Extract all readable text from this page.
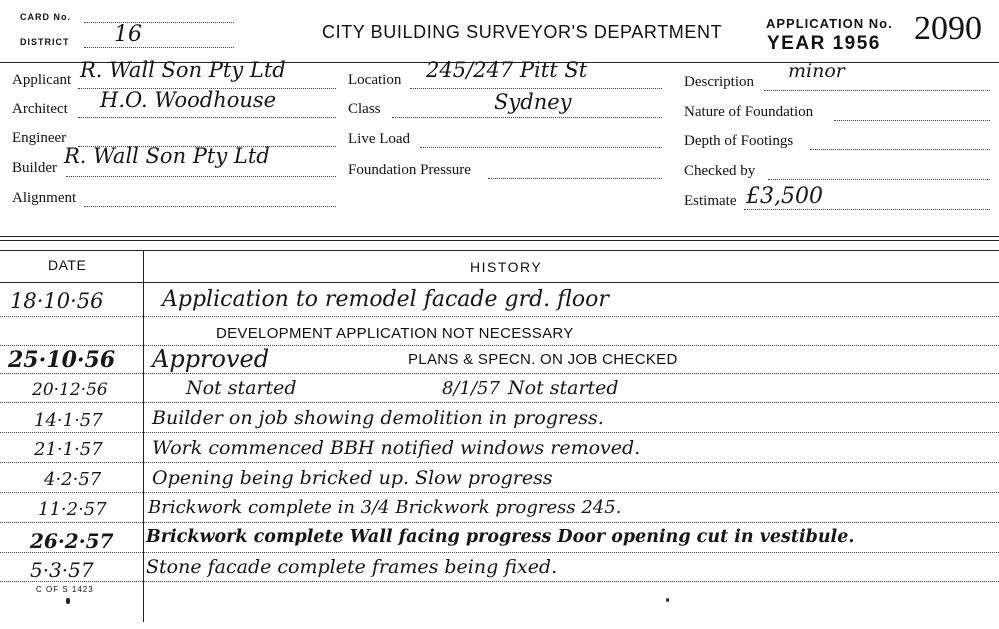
CARD No.
DISTRICT 16	CITY BUILDING SURVEYOR'S DEPARTMENT	APPLICATION No.
YEAR 1956 2090
Applicant R. Wall Son Pty Ltd
Architect H.O. Woodhouse
Engineer
Builder R. Wall Son Pty Ltd
Alignment
Location 245/247 Pitt St
Class	Sydney
Live Load
Foundation Pressure
Description minor
Nature of Foundation
Depth of Footings
Checked by
Estimate £3,500
DATE	HISTORY
18·10·56	Application to remodel facade grd. floor
DEVELOPMENT APPLICATION NOT NECESSARY
25·10·56 Approved	PLANS & SPECN. ON JOB CHECKED
20·12·56	Not started	8/1/57 Not started
14·1·57	Builder on job showing demolition in progress.
21·1·57	Work commenced BBH notified windows removed.
4·2·57	Opening being bricked up. Slow progress
11·2·57 Brickwork complete in 3/4 Brickwork progress 245.
26·2·57 Brickwork complete Wall facing progress Door opening cut in vestibule.
5·3·57	Stone facade complete frames being fixed.
C OF S 1423
